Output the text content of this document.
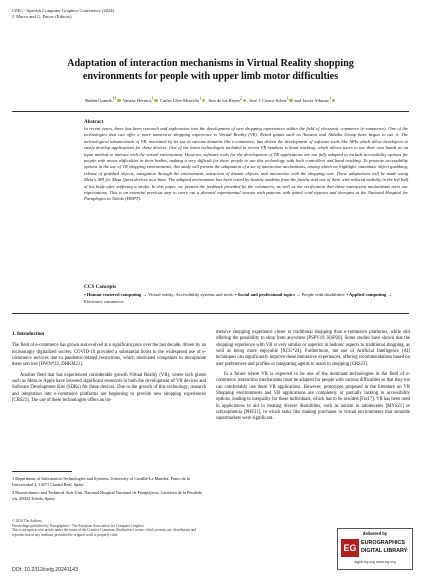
CEIG - Spanish Computer Graphics Conference (2024)
J. Marco and G. Patow (Editors)
Adaptation of interaction mechanisms in Virtual Reality shopping
environments for people with upper limb motor difficulties
Rubén Grande,$^{1\dagger}$ Vanesa Herrera,$^1$ Carlos Glez-Morcillo$^1$ , Ana de los Reyes$^2$ , José J. Castro-Schez$^1$ and Javier Albusac$^1$
Abstract
In recent years, there has been research and exploration into the development of new shopping experiences within the field of electronic commerce (e-commerce). One of the technologies that can offer a more immersive shopping experience is Virtual Reality (VR). Retail giants such as Amazon and Alibaba Group have begun to use it. The technological advancement of VR, motivated by its use in various domains like e-commerce, has driven the development of software tools like APIs which allow developers to easily develop applications for these devices. One of the latest technologies included in recent VR headsets is hand tracking, which allows users to use their own hands as an input method to interact with the virtual environment. However, software tools for the development of VR applications are not fully adapted to include accessibility options for people with motor difficulties in their bodies, making it very difficult for these people to use this technology with both controllers and hand tracking. To promote accessibility options in the use of VR shopping environments, this study will present the adaptation of a set of interaction mechanisms, among which we highlight: automatic object grabbing, release of grabbed objects, navigation through the environment, attraction of distant objects, and interaction with the shopping cart. These adaptations will be made using Meta's API for Meta Quest devices as a base. The adapted environment has been tested by healthy students from the faculty and one of them with reduced mobility in the left half of his body after suffering a stroke. In this paper, we present the feedback provided by the volunteers, as well as the verification that these interaction mechanisms meet our expectations. This is an essential previous step to carry out a planned experimental session with patients with spinal cord injuries and therapist at the National Hospital for Paraplegics in Toledo (HNPT).
CCS Concepts
• Human-centered computing → Virtual reality; Accessibility systems and tools; • Social and professional topics → People with disabilities; • Applied computing → Electronic commerce;
1. Introduction

The field of e-commerce has grown and evolved at a significant pace over the last decade, driven by an increasingly digitalized society. COVID-19 provided a substantial boost to the widespread use of e-commerce services due to pandemic-related restrictions, which motivated companies to incorporate these services [HWN*22, DHKM21].

Another field that has experienced considerable growth Virtual Reality (VR), where tech giants such as Meta or Apple have invested significant resources in both the development of VR devices and Software Development Kits (SDKs) for these devices. Due to the growth of this technology, research and integration into e-commerce platforms are beginning to provide new shopping experiences [CRS23]. The use of these technologies offers an im-

mersive shopping experience closer to traditional shopping than e-commerce platforms, while still offering the possibility to shop from anywhere [PSPV19, KSP20]. Some studies have shown that the shopping experience with VR is very similar or superior in hedonic aspects to traditional shopping, as well as being more enjoyable [XCG*24]. Furthermore, the use of Artificial Intelligence (AI) techniques can significantly improve these immersive experiences, offering recommendations based on user preferences and profiles or integrating agents to assist in shopping [CRS23].

In a future where VR is expected to be one of the dominant technologies in the field of e-commerce, interaction mechanisms must be adapted for people with various difficulties so that they too can comfortably use these VR applications. However, prototypes proposed in the literature on VR Shopping environments and VR applications are completely or partially lacking in accessibility options, leading to inequality for these individuals, which has to be avoided [Fra17]. VR has been used in applications to aid in treating diverse disabilities, such as autism in adolescents [MYS21] or schizophrenia [PHF21], in which tasks like making purchases in virtual environments that simulate supermarkets were significant.

1 Department of Information Technologies and Systems, University of Castilla-La Mancha, Paseo de la Universidad 4, 13071 Ciudad Real, Spain

2 Biomechanics and Technical Aids Unit, National Hospital Nacional de Parapléjicos, Carretera de la Peraleda s/n, 45004 Toledo, Spain

© 2024 The Authors.

Proceedings published by Eurographics - The European Association for Computer Graphics.

This is an open access article under the terms of the Creative Commons Attribution License, which permits use, distribution and reproduction in any medium, provided the original work is properly cited.

DOI: 10.2312/ceig.20241143
delivered by
EG EUROGRAPHICS
DIGITAL LIBRARY
diglib.eg.org www.eg.org
